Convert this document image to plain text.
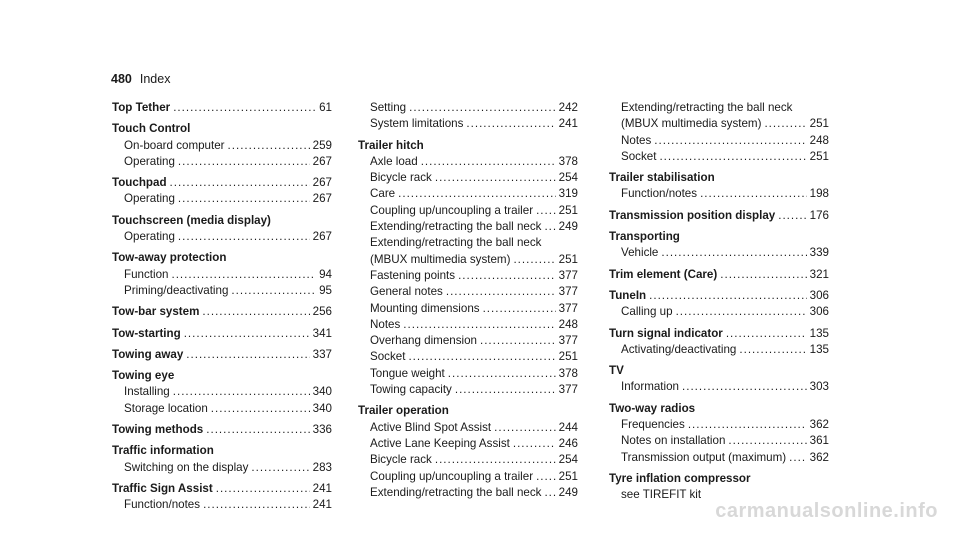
480 Index
Top Tether .....	61
Touch Control
On-board computer .....	259
Operating .....	267
Touchpad .....	267
Operating .....	267
Touchscreen (media display)
Operating .....	267
Tow-away protection
Function .....	94
Priming/deactivating .....	95
Tow-bar system .....	256
Tow-starting .....	341
Towing away .....	337
Towing eye
Installing .....	340
Storage location .....	340
Towing methods .....	336
Traffic information
Switching on the display .....	283
Traffic Sign Assist .....	241
Function/notes .....	241
Setting .....	242
System limitations .....	241
Trailer hitch
Axle load .....	378
Bicycle rack .....	254
Care .....	319
Coupling up/uncoupling a trailer ..... 251
Extending/retracting the ball neck ..... 249
Extending/retracting the ball neck
(MBUX multimedia system) .....	251
Fastening points .....	377
General notes .....	377
Mounting dimensions .....	377
Notes .....	248
Overhang dimension .....	377
Socket .....	251
Tongue weight .....	378
Towing capacity .....	377
Trailer operation
Active Blind Spot Assist .....	244
Active Lane Keeping Assist .....	246
Bicycle rack .....	254
Coupling up/uncoupling a trailer ..... 251
Extending/retracting the ball neck ..... 249
Extending/retracting the ball neck
(MBUX multimedia system) .....	251
Notes .....	248
Socket .....	251
Trailer stabilisation
Function/notes .....	198
Transmission position display .....	176
Transporting
Vehicle .....	339
Trim element (Care) .....	321
TuneIn .....	306
Calling up .....	306
Turn signal indicator .....	135
Activating/deactivating .....	135
TV
Information .....	303
Two-way radios
Frequencies .....	362
Notes on installation .....	361
Transmission output (maximum) ..... 362
Tyre inflation compressor
see TIREFIT kit
carmanualsonline.info
